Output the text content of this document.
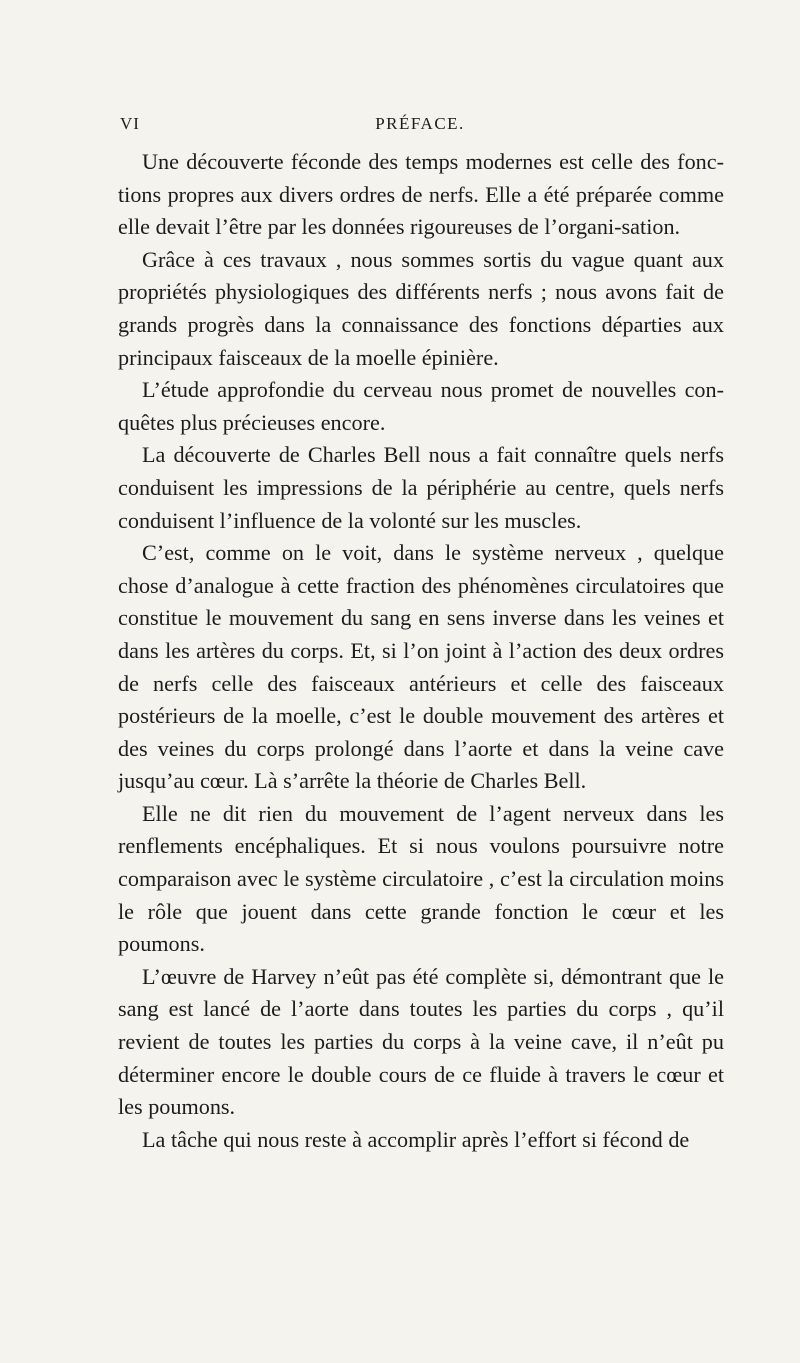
VI	PRÉFACE.

Une découverte féconde des temps modernes est celle des fonc-tions propres aux divers ordres de nerfs. Elle a été préparée comme elle devait l’être par les données rigoureuses de l’organi-sation.

Grâce à ces travaux , nous sommes sortis du vague quant aux propriétés physiologiques des différents nerfs ; nous avons fait de grands progrès dans la connaissance des fonctions départies aux principaux faisceaux de la moelle épinière.

L’étude approfondie du cerveau nous promet de nouvelles con-quêtes plus précieuses encore.

La découverte de Charles Bell nous a fait connaître quels nerfs conduisent les impressions de la périphérie au centre, quels nerfs conduisent l’influence de la volonté sur les muscles.

C’est, comme on le voit, dans le système nerveux , quelque chose d’analogue à cette fraction des phénomènes circulatoires que constitue le mouvement du sang en sens inverse dans les veines et dans les artères du corps. Et, si l’on joint à l’action des deux ordres de nerfs celle des faisceaux antérieurs et celle des faisceaux postérieurs de la moelle, c’est le double mouvement des artères et des veines du corps prolongé dans l’aorte et dans la veine cave jusqu’au cœur. Là s’arrête la théorie de Charles Bell.

Elle ne dit rien du mouvement de l’agent nerveux dans les renflements encéphaliques. Et si nous voulons poursuivre notre comparaison avec le système circulatoire , c’est la circulation moins le rôle que jouent dans cette grande fonction le cœur et les poumons.

L’œuvre de Harvey n’eût pas été complète si, démontrant que le sang est lancé de l’aorte dans toutes les parties du corps , qu’il revient de toutes les parties du corps à la veine cave, il n’eût pu déterminer encore le double cours de ce fluide à travers le cœur et les poumons.

La tâche qui nous reste à accomplir après l’effort si fécond de
